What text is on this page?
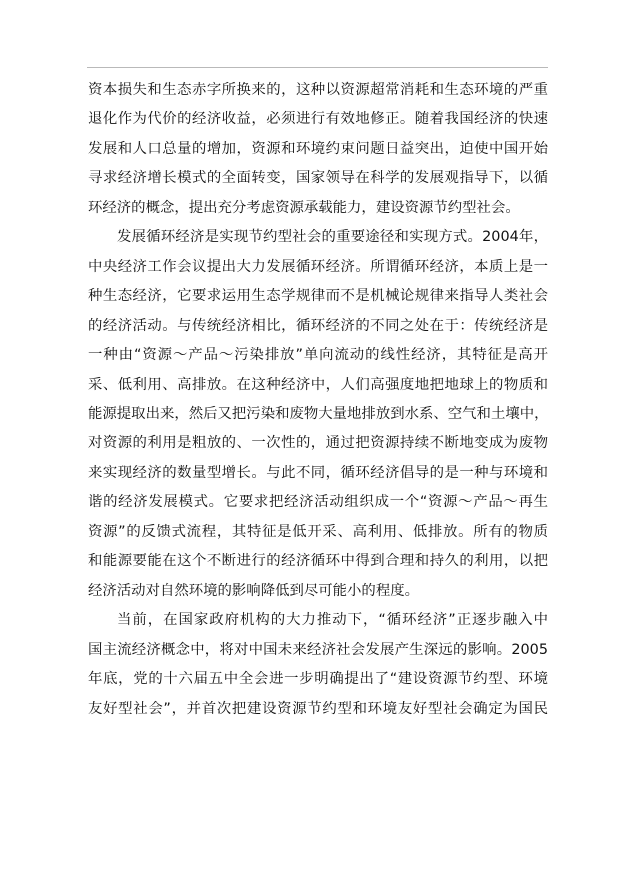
资本损失和生态赤字所换来的，这种以资源超常消耗和生态环境的严重
退化作为代价的经济收益，必须进行有效地修正。随着我国经济的快速
发展和人口总量的增加，资源和环境约束问题日益突出，迫使中国开始
寻求经济增长模式的全面转变，国家领导在科学的发展观指导下，以循
环经济的概念，提出充分考虑资源承载能力，建设资源节约型社会。

发展循环经济是实现节约型社会的重要途径和实现方式。2004年，
中央经济工作会议提出大力发展循环经济。所谓循环经济，本质上是一
种生态经济，它要求运用生态学规律而不是机械论规律来指导人类社会
的经济活动。与传统经济相比，循环经济的不同之处在于：传统经济是
一种由“资源～产品～污染排放”单向流动的线性经济，其特征是高开
采、低利用、高排放。在这种经济中，人们高强度地把地球上的物质和
能源提取出来，然后又把污染和废物大量地排放到水系、空气和土壤中，
对资源的利用是粗放的、一次性的，通过把资源持续不断地变成为废物
来实现经济的数量型增长。与此不同，循环经济倡导的是一种与环境和
谐的经济发展模式。它要求把经济活动组织成一个“资源～产品～再生
资源”的反馈式流程，其特征是低开采、高利用、低排放。所有的物质
和能源要能在这个不断进行的经济循环中得到合理和持久的利用，以把
经济活动对自然环境的影响降低到尽可能小的程度。

当前，在国家政府机构的大力推动下，“循环经济”正逐步融入中
国主流经济概念中，将对中国未来经济社会发展产生深远的影响。2005
年底，党的十六届五中全会进一步明确提出了“建设资源节约型、环境
友好型社会”，并首次把建设资源节约型和环境友好型社会确定为国民
